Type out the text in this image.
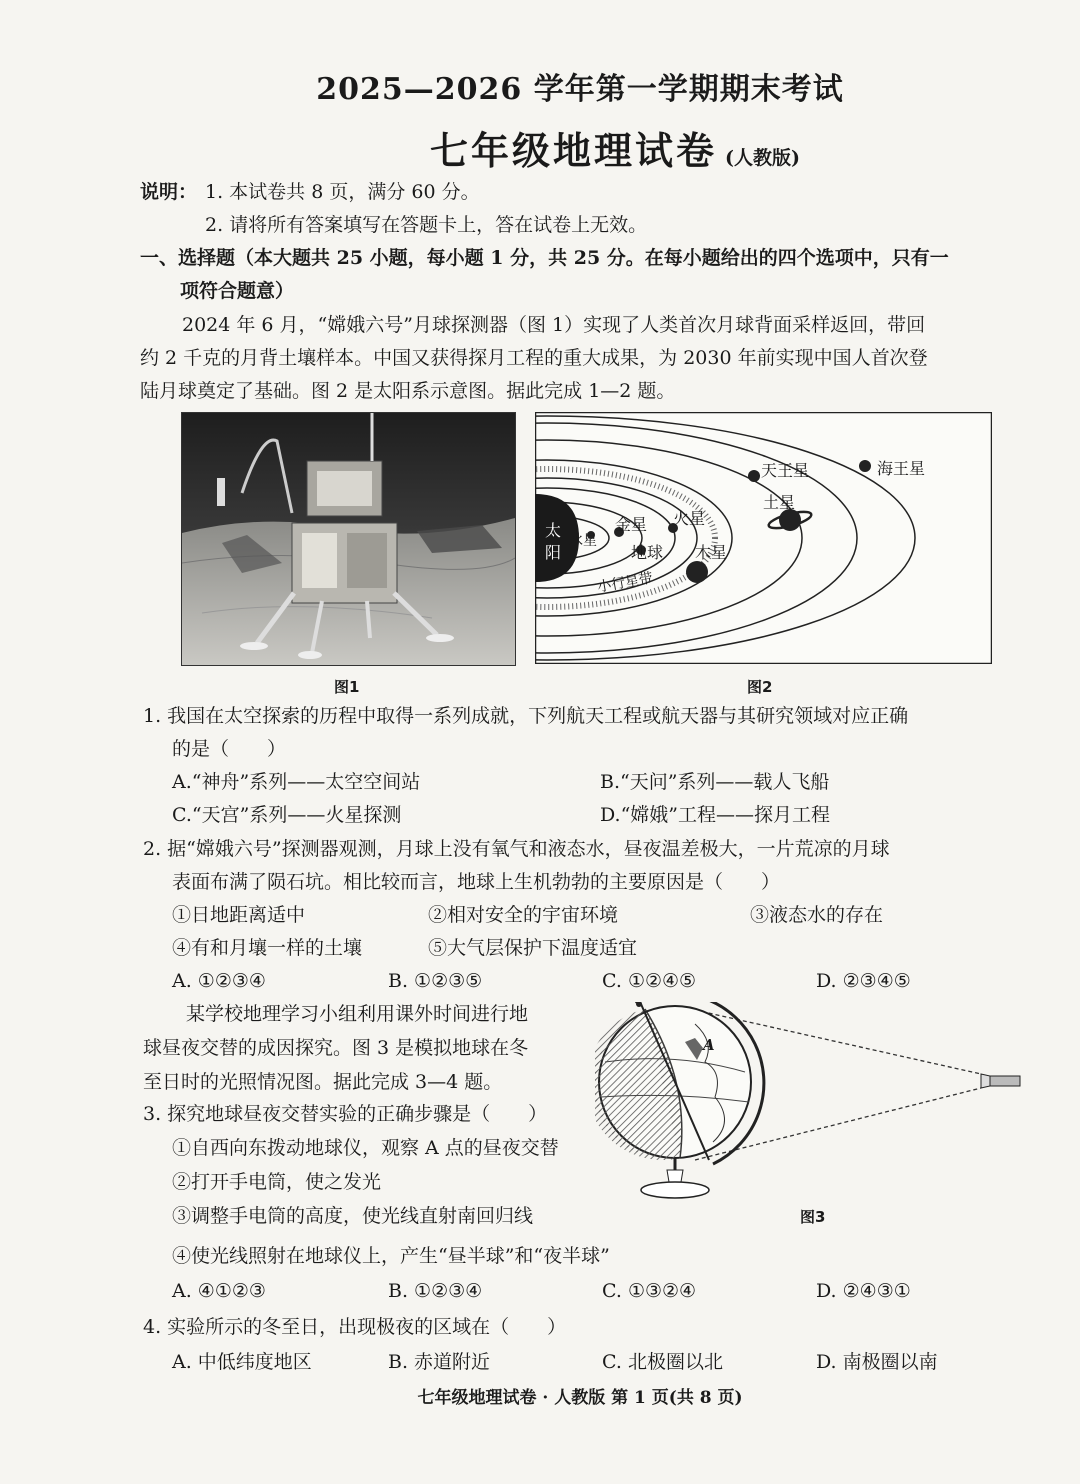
2025—2026 学年第一学期期末考试
七年级地理试卷 (人教版)
说明： 1. 本试卷共 8 页，满分 60 分。
2. 请将所有答案填写在答题卡上，答在试卷上无效。
一、选择题（本大题共 25 小题，每小题 1 分，共 25 分。在每小题给出的四个选项中，只有一
项符合题意）
2024 年 6 月，“嫦娥六号”月球探测器（图 1）实现了人类首次月球背面采样返回，带回
约 2 千克的月背土壤样本。中国又获得探月工程的重大成果，为 2030 年前实现中国人首次登
陆月球奠定了基础。图 2 是太阳系示意图。据此完成 1—2 题。
图1
太
阳
水星
金星
地球
火星
木星
土星
天王星	海王星
小行星带
图2
1. 我国在太空探索的历程中取得一系列成就，下列航天工程或航天器与其研究领域对应正确
的是（　　）
A.“神舟”系列——太空空间站	B.“天问”系列——载人飞船
C.“天宫”系列——火星探测	D.“嫦娥”工程——探月工程
2. 据“嫦娥六号”探测器观测，月球上没有氧气和液态水，昼夜温差极大，一片荒凉的月球
表面布满了陨石坑。相比较而言，地球上生机勃勃的主要原因是（　　）
①日地距离适中	②相对安全的宇宙环境	③液态水的存在
④有和月壤一样的土壤	⑤大气层保护下温度适宜
A. ①②③④	B. ①②③⑤	C. ①②④⑤	D. ②③④⑤
某学校地理学习小组利用课外时间进行地
球昼夜交替的成因探究。图 3 是模拟地球在冬
至日时的光照情况图。据此完成 3—4 题。
A
图3
3. 探究地球昼夜交替实验的正确步骤是（　　）
①自西向东拨动地球仪，观察 A 点的昼夜交替
②打开手电筒，使之发光
③调整手电筒的高度，使光线直射南回归线
④使光线照射在地球仪上，产生“昼半球”和“夜半球”
A. ④①②③	B. ①②③④	C. ①③②④	D. ②④③①
4. 实验所示的冬至日，出现极夜的区域在（　　）
A. 中低纬度地区	B. 赤道附近	C. 北极圈以北	D. 南极圈以南
七年级地理试卷 · 人教版 第 1 页(共 8 页)
